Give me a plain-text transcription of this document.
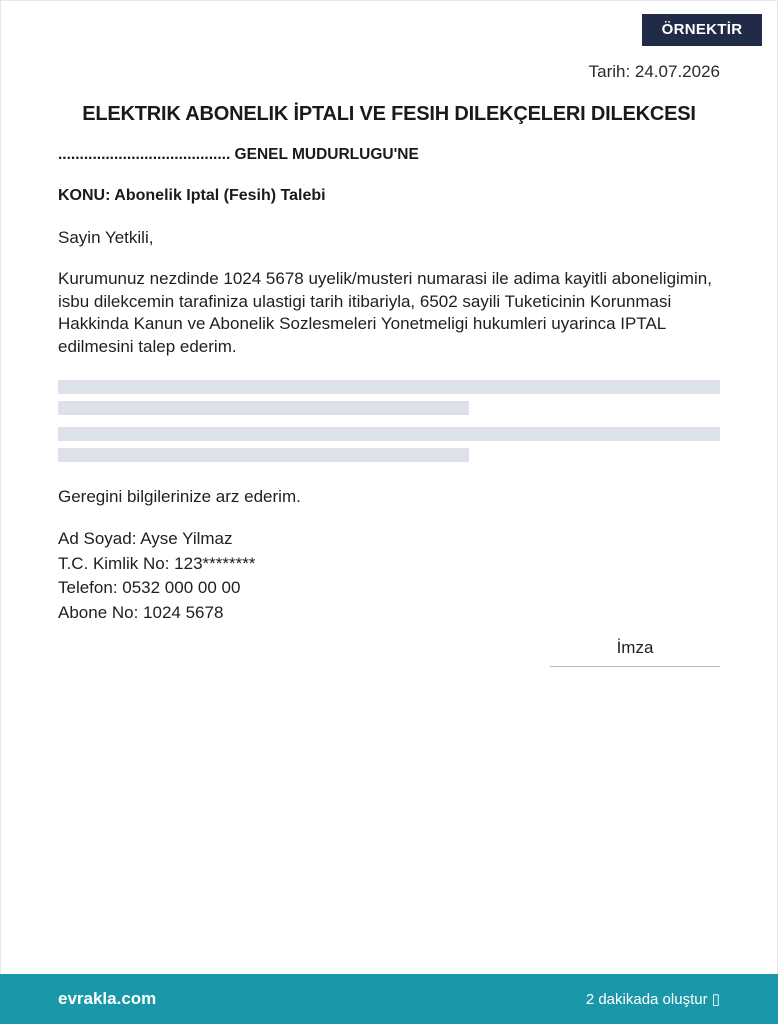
ÖRNEKTİR
Tarih: 24.07.2026
ELEKTRIK ABONELIK İPTALI VE FESIH DILEKÇELERI DILEKCESI
........................................ GENEL MUDURLUGU'NE
KONU: Abonelik Iptal (Fesih) Talebi
Sayin Yetkili,
Kurumunuz nezdinde 1024 5678 uyelik/musteri numarasi ile adima kayitli aboneligimin, isbu dilekcemin tarafiniza ulastigi tarih itibariyla, 6502 sayili Tuketicinin Korunmasi Hakkinda Kanun ve Abonelik Sozlesmeleri Yonetmeligi hukumleri uyarinca IPTAL edilmesini talep ederim.
Geregini bilgilerinize arz ederim.
Ad Soyad: Ayse Yilmaz
T.C. Kimlik No: 123********
Telefon: 0532 000 00 00
Abone No: 1024 5678
İmza
evrakla.com	2 dakikada oluştur ▯
